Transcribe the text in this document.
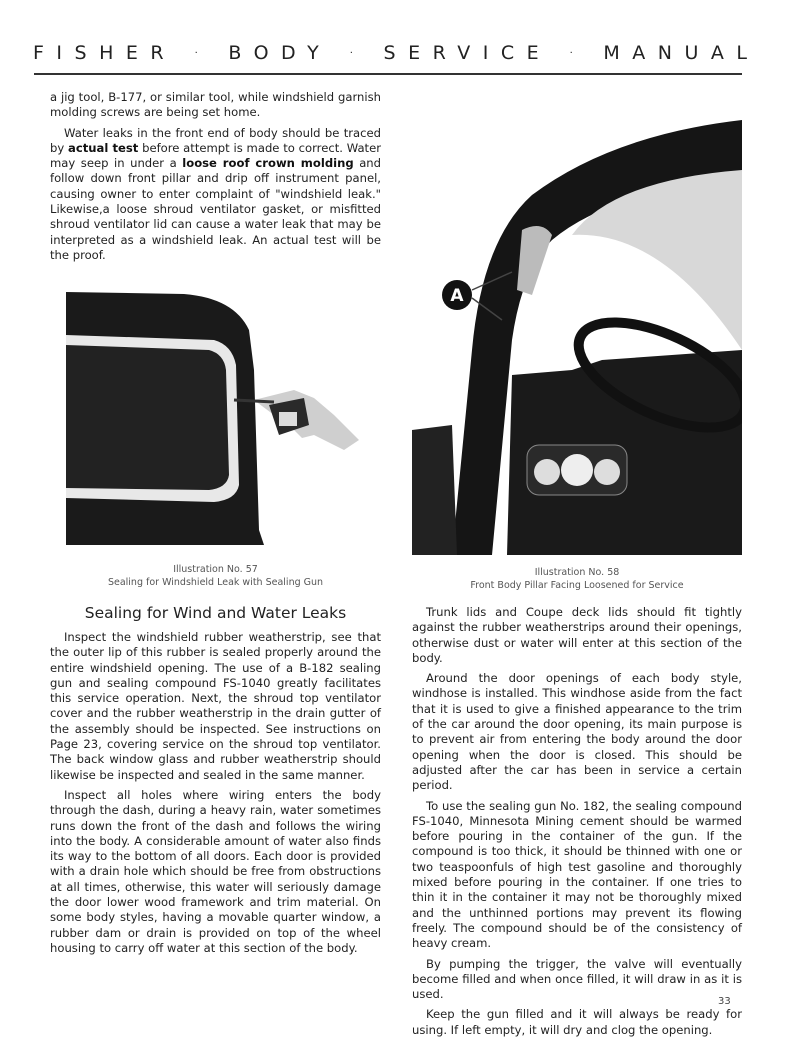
FISHER · BODY · SERVICE · MANUAL

a jig tool, B-177, or similar tool, while windshield garnish molding screws are being set home.

Water leaks in the front end of body should be traced by actual test before attempt is made to correct. Water may seep in under a loose roof crown molding and follow down front pillar and drip off instrument panel, causing owner to enter complaint of "windshield leak." Likewise,a loose shroud ventilator gasket, or misfitted shroud ventilator lid can cause a water leak that may be interpreted as a windshield leak. An actual test will be the proof.

Illustration No. 57
Sealing for Windshield Leak with Sealing Gun
Sealing for Wind and Water Leaks

Inspect the windshield rubber weatherstrip, see that the outer lip of this rubber is sealed properly around the entire windshield opening. The use of a B-182 sealing gun and sealing compound FS-1040 greatly facilitates this service operation. Next, the shroud top ventilator cover and the rubber weatherstrip in the drain gutter of the assembly should be inspected. See instructions on Page 23, covering service on the shroud top ventilator. The back window glass and rubber weatherstrip should likewise be inspected and sealed in the same manner.

Inspect all holes where wiring enters the body through the dash, during a heavy rain, water sometimes runs down the front of the dash and follows the wiring into the body. A considerable amount of water also finds its way to the bottom of all doors. Each door is provided with a drain hole which should be free from obstructions at all times, otherwise, this water will seriously damage the door lower wood framework and trim material. On some body styles, having a movable quarter window, a rubber dam or drain is provided on top of the wheel housing to carry off water at this section of the body.

A
Illustration No. 58
Front Body Pillar Facing Loosened for Service

Trunk lids and Coupe deck lids should fit tightly against the rubber weatherstrips around their openings, otherwise dust or water will enter at this section of the body.

Around the door openings of each body style, windhose is installed. This windhose aside from the fact that it is used to give a finished appearance to the trim of the car around the door opening, its main purpose is to prevent air from entering the body around the door opening when the door is closed. This should be adjusted after the car has been in service a certain period.

To use the sealing gun No. 182, the sealing compound FS-1040, Minnesota Mining cement should be warmed before pouring in the container of the gun. If the compound is too thick, it should be thinned with one or two teaspoonfuls of high test gasoline and thoroughly mixed before pouring in the container. If one tries to thin it in the container it may not be thoroughly mixed and the unthinned portions may prevent its flowing freely. The compound should be of the consistency of heavy cream.

By pumping the trigger, the valve will eventually become filled and when once filled, it will draw in as it is used.

Keep the gun filled and it will always be ready for using. If left empty, it will dry and clog the opening.

33
